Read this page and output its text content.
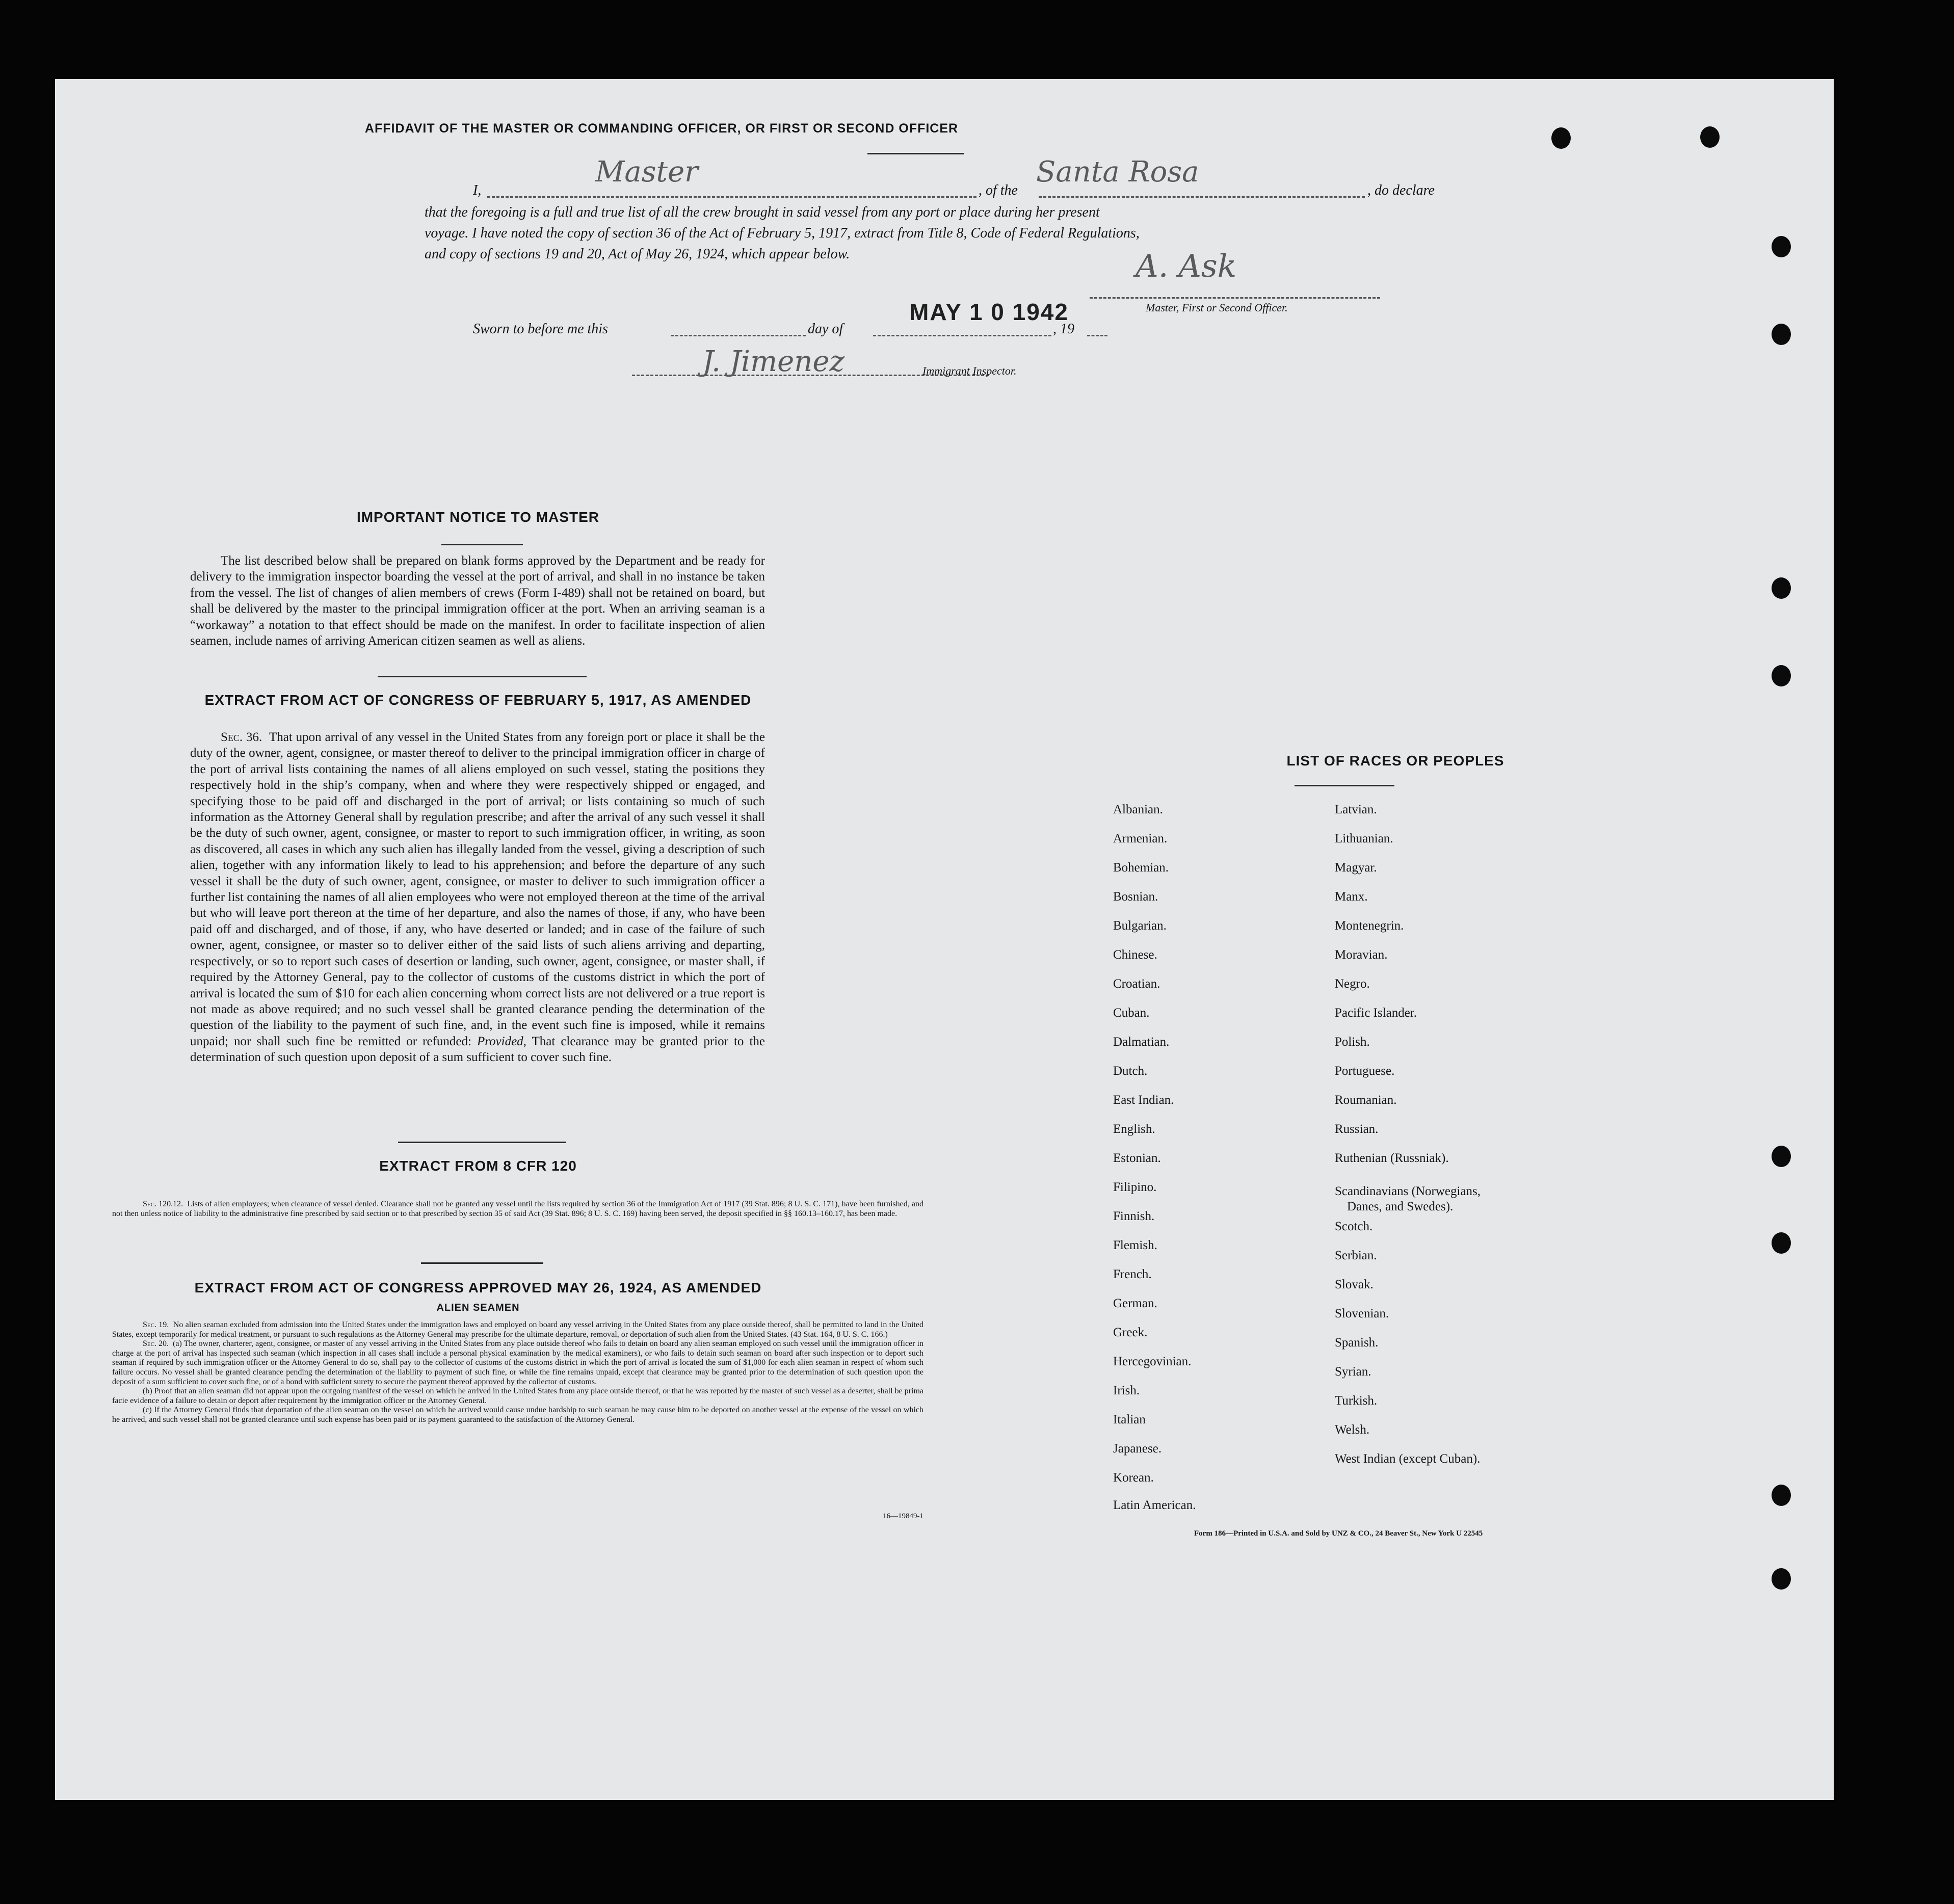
AFFIDAVIT OF THE MASTER OR COMMANDING OFFICER, OR FIRST OR SECOND OFFICER
I,
Master
, of the
Santa Rosa
, do declare
that the foregoing is a full and true list of all the crew brought in said vessel from any port or place during her present
voyage. I have noted the copy of section 36 of the Act of February 5, 1917, extract from Title 8, Code of Federal Regulations,
and copy of sections 19 and 20, Act of May 26, 1924, which appear below.	A. Ask
Master, First or Second Officer.
Sworn to before me this	day of
MAY 1 0 1942
, 19
J. Jimenez	Immigrant Inspector.
IMPORTANT NOTICE TO MASTER

The list described below shall be prepared on blank forms approved by the Department and be ready for delivery to the immigration inspector boarding the vessel at the port of arrival, and shall in no instance be taken from the vessel. The list of changes of alien members of crews (Form I-489) shall not be retained on board, but shall be delivered by the master to the principal immigration officer at the port. When an arriving seaman is a “workaway” a notation to that effect should be made on the manifest. In order to facilitate inspection of alien seamen, include names of arriving American citizen seamen as well as aliens.

EXTRACT FROM ACT OF CONGRESS OF FEBRUARY 5, 1917, AS AMENDED

Sec. 36. That upon arrival of any vessel in the United States from any foreign port or place it shall be the duty of the owner, agent, consignee, or master thereof to deliver to the principal immigration officer in charge of the port of arrival lists containing the names of all aliens employed on such vessel, stating the positions they respectively hold in the ship’s company, when and where they were respectively shipped or engaged, and specifying those to be paid off and discharged in the port of arrival; or lists containing so much of such information as the Attorney General shall by regulation prescribe; and after the arrival of any such vessel it shall be the duty of such owner, agent, consignee, or master to report to such immigration officer, in writing, as soon as discovered, all cases in which any such alien has illegally landed from the vessel, giving a description of such alien, together with any information likely to lead to his apprehension; and before the departure of any such vessel it shall be the duty of such owner, agent, consignee, or master to deliver to such immigration officer a further list containing the names of all alien employees who were not employed thereon at the time of the arrival but who will leave port thereon at the time of her departure, and also the names of those, if any, who have been paid off and discharged, and of those, if any, who have deserted or landed; and in case of the failure of such owner, agent, consignee, or master so to deliver either of the said lists of such aliens arriving and departing, respectively, or so to report such cases of desertion or landing, such owner, agent, consignee, or master shall, if required by the Attorney General, pay to the collector of customs of the customs district in which the port of arrival is located the sum of $10 for each alien concerning whom correct lists are not delivered or a true report is not made as above required; and no such vessel shall be granted clearance pending the determination of the question of the liability to the payment of such fine, and, in the event such fine is imposed, while it remains unpaid; nor shall such fine be remitted or refunded: Provided, That clearance may be granted prior to the determination of such question upon deposit of a sum sufficient to cover such fine.

EXTRACT FROM 8 CFR 120

Sec. 120.12. Lists of alien employees; when clearance of vessel denied. Clearance shall not be granted any vessel until the lists required by section 36 of the Immigration Act of 1917 (39 Stat. 896; 8 U. S. C. 171), have been furnished, and not then unless notice of liability to the administrative fine prescribed by said section or to that prescribed by section 35 of said Act (39 Stat. 896; 8 U. S. C. 169) having been served, the deposit specified in §§ 160.13–160.17, has been made.

EXTRACT FROM ACT OF CONGRESS APPROVED MAY 26, 1924, AS AMENDED
ALIEN SEAMEN

Sec. 19. No alien seaman excluded from admission into the United States under the immigration laws and employed on board any vessel arriving in the United States from any place outside thereof, shall be permitted to land in the United States, except temporarily for medical treatment, or pursuant to such regulations as the Attorney General may prescribe for the ultimate departure, removal, or deportation of such alien from the United States. (43 Stat. 164, 8 U. S. C. 166.)

Sec. 20. (a) The owner, charterer, agent, consignee, or master of any vessel arriving in the United States from any place outside thereof who fails to detain on board any alien seaman employed on such vessel until the immigration officer in charge at the port of arrival has inspected such seaman (which inspection in all cases shall include a personal physical examination by the medical examiners), or who fails to detain such seaman on board after such inspection or to deport such seaman if required by such immigration officer or the Attorney General to do so, shall pay to the collector of customs of the customs district in which the port of arrival is located the sum of $1,000 for each alien seaman in respect of whom such failure occurs. No vessel shall be granted clearance pending the determination of the liability to payment of such fine, or while the fine remains unpaid, except that clearance may be granted prior to the determination of such question upon the deposit of a sum sufficient to cover such fine, or of a bond with sufficient surety to secure the payment thereof approved by the collector of customs.

(b) Proof that an alien seaman did not appear upon the outgoing manifest of the vessel on which he arrived in the United States from any place outside thereof, or that he was reported by the master of such vessel as a deserter, shall be prima facie evidence of a failure to detain or deport after requirement by the immigration officer or the Attorney General.

(c) If the Attorney General finds that deportation of the alien seaman on the vessel on which he arrived would cause undue hardship to such seaman he may cause him to be deported on another vessel at the expense of the vessel on which he arrived, and such vessel shall not be granted clearance until such expense has been paid or its payment guaranteed to the satisfaction of the Attorney General.

16—19849-1
LIST OF RACES OR PEOPLES
Form 186—Printed in U.S.A. and Sold by UNZ & CO., 24 Beaver St., New York U 22545
Albanian.
Armenian.
Bohemian.
Bosnian.
Bulgarian.
Chinese.
Croatian.
Cuban.
Dalmatian.
Dutch.
East Indian.
English.
Estonian.
Filipino.
Finnish.
Flemish.
French.
German.
Greek.
Hercegovinian.
Irish.
Italian
Japanese.
Korean.
Latin American.
Latvian.
Lithuanian.
Magyar.
Manx.
Montenegrin.
Moravian.
Negro.
Pacific Islander.
Polish.
Portuguese.
Roumanian.
Russian.
Ruthenian (Russniak).
Scandinavians (Norwegians,
Danes, and Swedes).
Scotch.
Serbian.
Slovak.
Slovenian.
Spanish.
Syrian.
Turkish.
Welsh.
West Indian (except Cuban).
